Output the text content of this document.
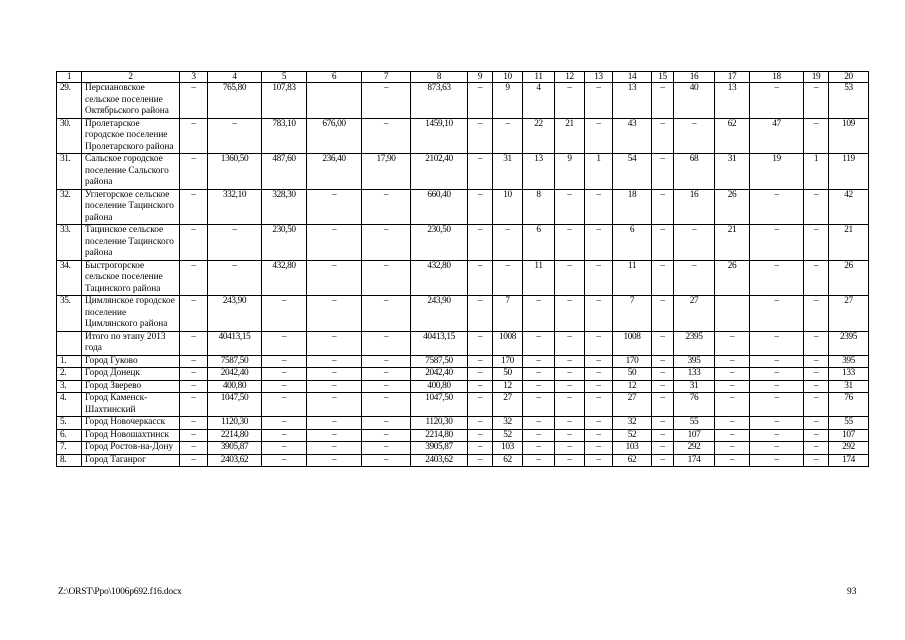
1	2	3	4	5	6	7	8	9	10	11	12	13	14	15	16	17	18	19	20
29.	Персиановское сельское поселение Октябрьского района	–	765,80	107,83		–	873,63	–	9	4	–	–	13	–	40	13	–	–	53
30.	Пролетарское городское поселение Пролетарского района	–	–	783,10	676,00	–	1459,10	–	–	22	21	–	43	–	–	62	47	–	109
31.	Сальское городское поселение Сальского района	–	1360,50	487,60	236,40	17,90	2102,40	–	31	13	9	1	54	–	68	31	19	1	119
32.	Углегорское сельское поселение Тацинского района	–	332,10	328,30	–	–	660,40	–	10	8	–	–	18	–	16	26	–	–	42
33.	Тацинское сельское поселение Тацинского района	–	–	230,50	–	–	230,50	–	–	6	–	–	6	–	–	21	–	–	21
34.	Быстрогорское сельское поселение Тацинского района	–	–	432,80	–	–	432,80	–	–	11	–	–	11	–	–	26	–	–	26
35.	Цимлянское городское поселение Цимлянского района	–	243,90	–	–	–	243,90	–	7	–	–	–	7	–	27		–	–	27
	Итого по этапу 2013 года	–	40413,15	–	–	–	40413,15	–	1008	–	–	–	1008	–	2395	–	–	–	2395
1.	Город Гуково	–	7587,50	–	–	–	7587,50	–	170	–	–	–	170	–	395	–	–	–	395
2.	Город Донецк	–	2042,40	–	–	–	2042,40	–	50	–	–	–	50	–	133	–	–	–	133
3.	Город Зверево	–	400,80	–	–	–	400,80	–	12	–	–	–	12	–	31	–	–	–	31
4.	Город Каменск-Шахтинский	–	1047,50	–	–	–	1047,50	–	27	–	–	–	27	–	76	–	–	–	76
5.	Город Новочеркасск	–	1120,30	–	–	–	1120,30	–	32	–	–	–	32	–	55	–	–	–	55
6.	Город Новошахтинск	–	2214,80	–	–	–	2214,80	–	52	–	–	–	52	–	107	–	–	–	107
7.	Город Ростов-на-Дону	–	3905,87	–	–	–	3905,87	–	103	–	–	–	103	–	292	–	–	–	292
8.	Город Таганрог	–	2403,62	–	–	–	2403,62	–	62	–	–	–	62	–	174	–	–	–	174
Z:\ORST\Ppo\1006p692.f16.docx	93
